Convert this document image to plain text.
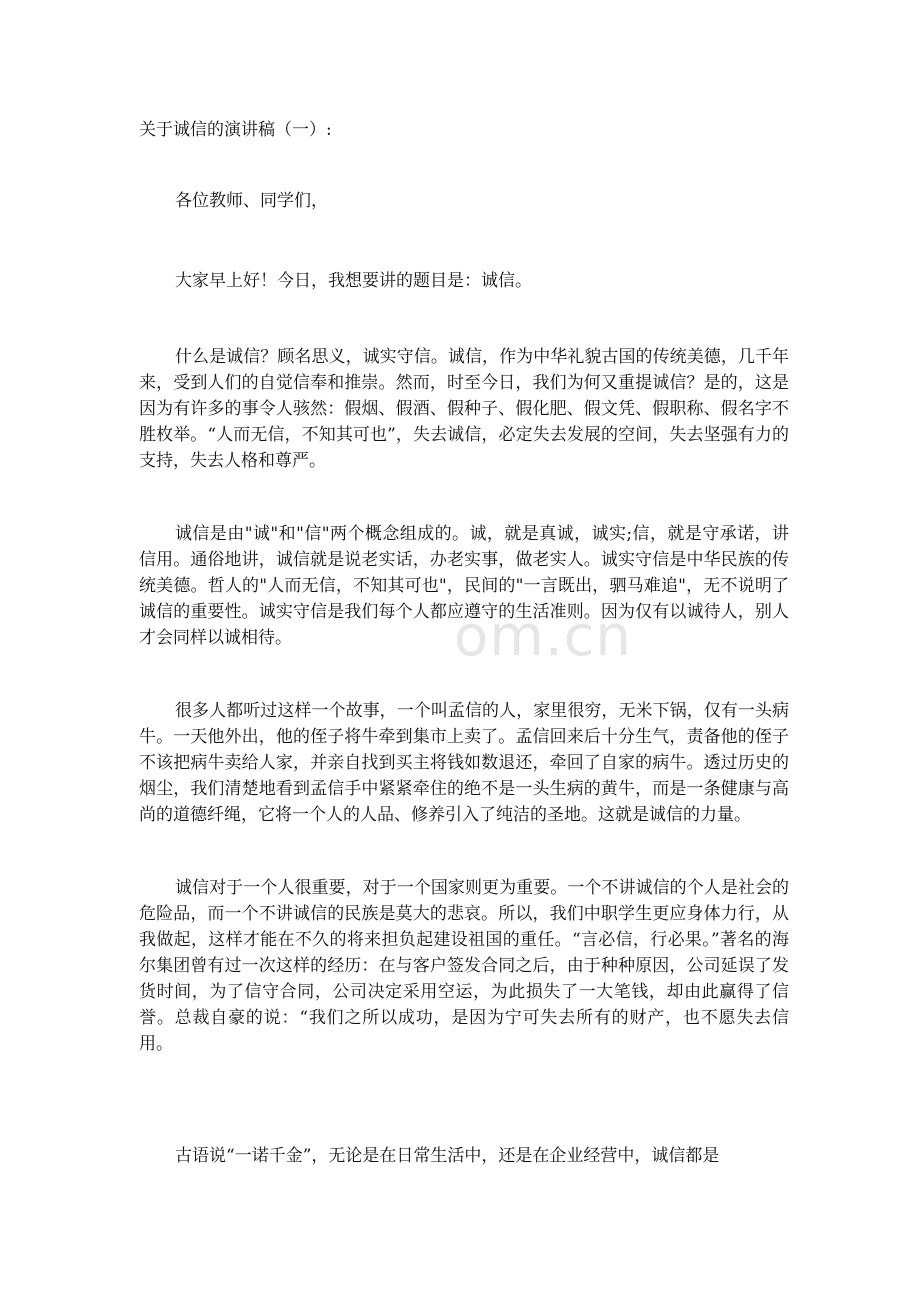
om.cn
关于诚信的演讲稿（一）:

各位教师、同学们，

大家早上好！今日，我想要讲的题目是：诚信。

什么是诚信？顾名思义，诚实守信。诚信，作为中华礼貌古国的传统美德，几千年来，受到人们的自觉信奉和推崇。然而，时至今日，我们为何又重提诚信？是的，这是因为有许多的事令人骇然：假烟、假酒、假种子、假化肥、假文凭、假职称、假名字不胜枚举。“人而无信，不知其可也”，失去诚信，必定失去发展的空间，失去坚强有力的支持，失去人格和尊严。

诚信是由"诚"和"信"两个概念组成的。诚，就是真诚，诚实;信，就是守承诺，讲信用。通俗地讲，诚信就是说老实话，办老实事，做老实人。诚实守信是中华民族的传统美德。哲人的"人而无信，不知其可也"，民间的"一言既出，驷马难追"，无不说明了诚信的重要性。诚实守信是我们每个人都应遵守的生活准则。因为仅有以诚待人，别人才会同样以诚相待。

很多人都听过这样一个故事，一个叫孟信的人，家里很穷，无米下锅，仅有一头病牛。一天他外出，他的侄子将牛牵到集市上卖了。孟信回来后十分生气，责备他的侄子不该把病牛卖给人家，并亲自找到买主将钱如数退还，牵回了自家的病牛。透过历史的烟尘，我们清楚地看到孟信手中紧紧牵住的绝不是一头生病的黄牛，而是一条健康与高尚的道德纤绳，它将一个人的人品、修养引入了纯洁的圣地。这就是诚信的力量。

诚信对于一个人很重要，对于一个国家则更为重要。一个不讲诚信的个人是社会的危险品，而一个不讲诚信的民族是莫大的悲哀。所以，我们中职学生更应身体力行，从我做起，这样才能在不久的将来担负起建设祖国的重任。“言必信，行必果。”著名的海尔集团曾有过一次这样的经历：在与客户签发合同之后，由于种种原因，公司延误了发货时间，为了信守合同，公司决定采用空运，为此损失了一大笔钱，却由此赢得了信誉。总裁自豪的说：“我们之所以成功，是因为宁可失去所有的财产，也不愿失去信用。

古语说“一诺千金”，无论是在日常生活中，还是在企业经营中，诚信都是
